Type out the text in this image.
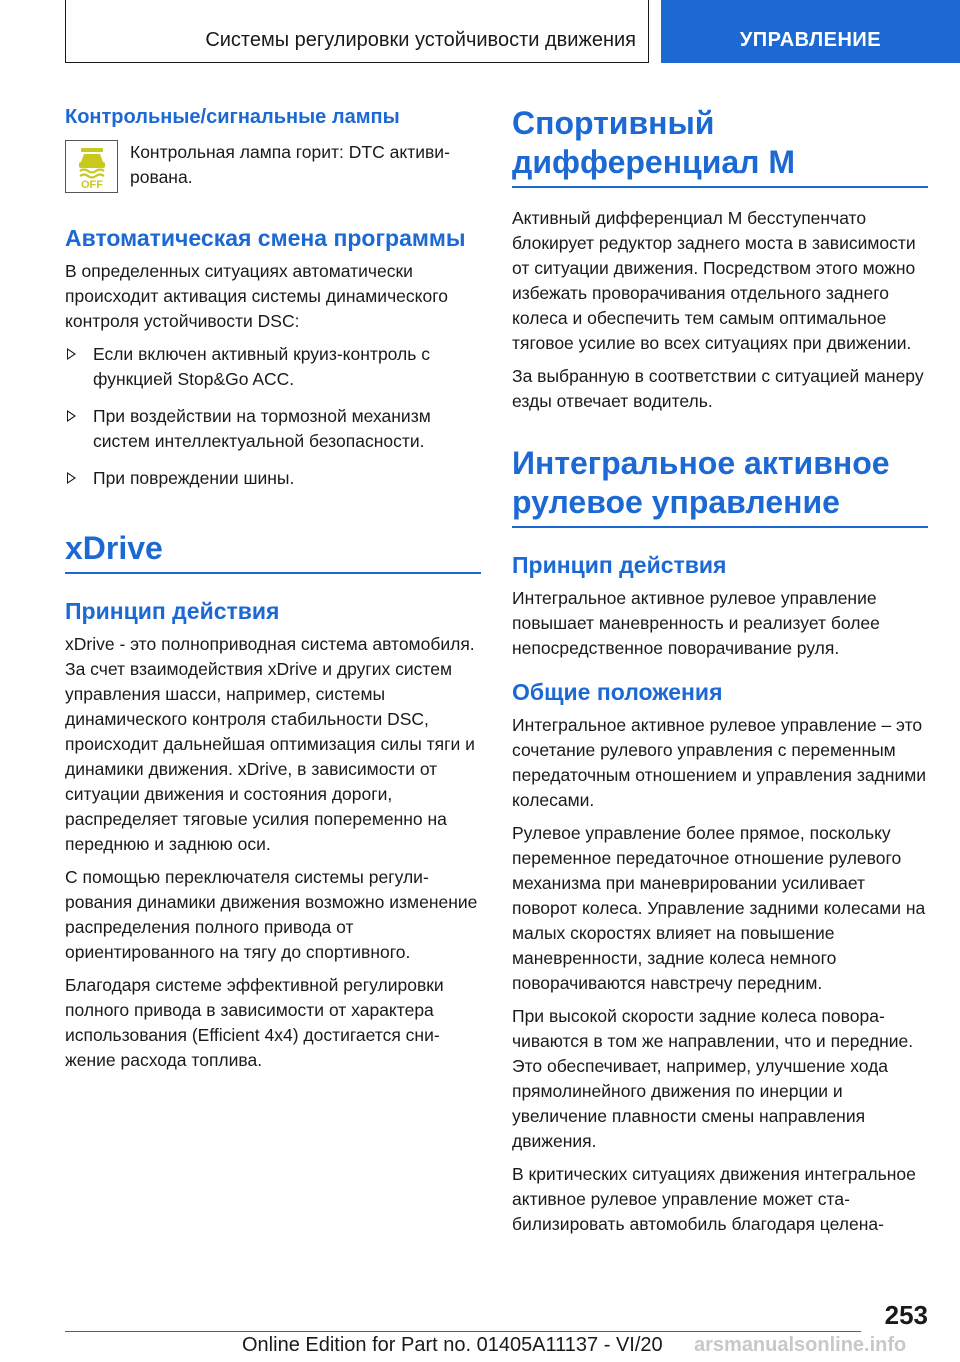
Системы регулировки устойчивости движения	УПРАВЛЕНИЕ
Контрольные/сигнальные лампы
OFF

Контрольная лампа горит: DTC активирована.

Автоматическая смена программы

В определенных ситуациях автоматически происходит активация системы динамического контроля устойчивости DSC:

Если включен активный круиз-контроль с функцией Stop&Go ACC.
При воздействии на тормозной механизм систем интеллектуальной безопасности.
При повреждении шины.
xDrive
Принцип действия

xDrive - это полноприводная система автомобиля. За счет взаимодействия xDrive и других систем управления шасси, например, системы динамического контроля стабильности DSC, происходит дальнейшая оптимизация силы тяги и динамики движения. xDrive, в зависимости от ситуации движения и состояния дороги, распределяет тяговые усилия попеременно на переднюю и заднюю оси.

С помощью переключателя системы регулирования динамики движения возможно изменение распределения полного привода от ориентированного на тягу до спортивного.

Благодаря системе эффективной регулировки полного привода в зависимости от характера использования (Efficient 4x4) достигается снижение расхода топлива.

Спортивный дифференциал M

Активный дифференциал M бесступенчато блокирует редуктор заднего моста в зависимости от ситуации движения. Посредством этого можно избежать проворачивания отдельного заднего колеса и обеспечить тем самым оптимальное тяговое усилие во всех ситуациях при движении.

За выбранную в соответствии с ситуацией манеру езды отвечает водитель.

Интегральное активное рулевое управление
Принцип действия

Интегральное активное рулевое управление повышает маневренность и реализует более непосредственное поворачивание руля.

Общие положения

Интегральное активное рулевое управление – это сочетание рулевого управления с переменным передаточным отношением и управления задними колесами.

Рулевое управление более прямое, поскольку переменное передаточное отношение рулевого механизма при маневрировании усиливает поворот колеса. Управление задними колесами на малых скоростях влияет на повышение маневренности, задние колеса немного поворачиваются навстречу передним.

При высокой скорости задние колеса поворачиваются в том же направлении, что и передние. Это обеспечивает, например, улучшение хода прямолинейного движения по инерции и увеличение плавности смены направления движения.

В критических ситуациях движения интегральное активное рулевое управление может стабилизировать автомобиль благодаря целена-

253
Online Edition for Part no. 01405A11137 - VI/20 arsmanualsonline.info
